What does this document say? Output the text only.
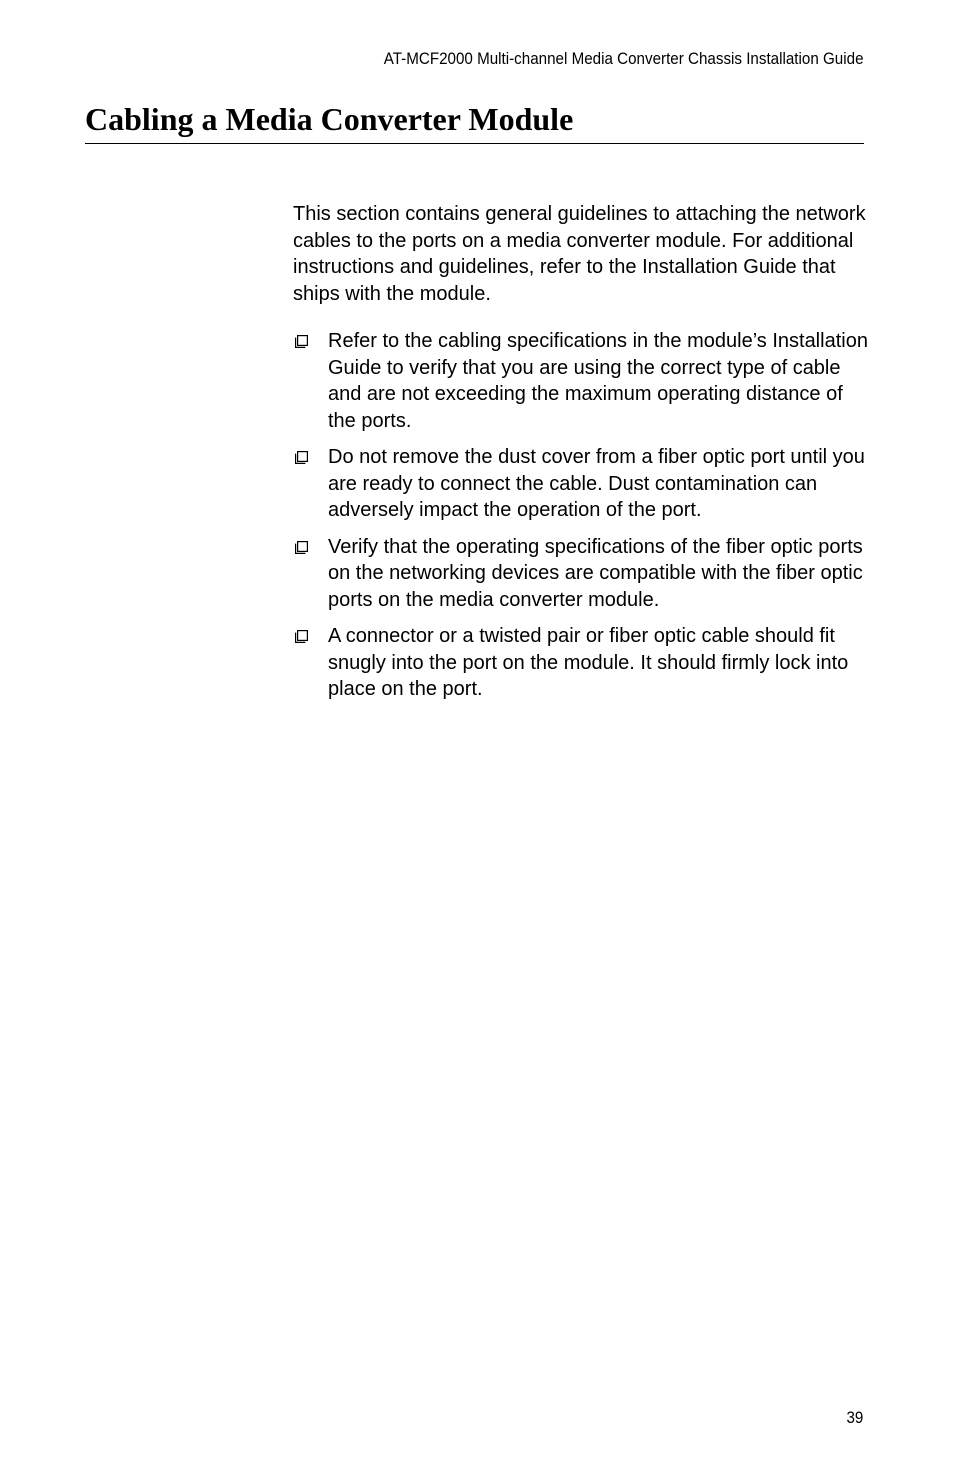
AT-MCF2000 Multi-channel Media Converter Chassis Installation Guide
Cabling a Media Converter Module

This section contains general guidelines to attaching the network cables to the ports on a media converter module. For additional instructions and guidelines, refer to the Installation Guide that ships with the module.

Refer to the cabling specifications in the module’s Installation Guide to verify that you are using the correct type of cable and are not exceeding the maximum operating distance of the ports.
Do not remove the dust cover from a fiber optic port until you are ready to connect the cable. Dust contamination can adversely impact the operation of the port.
Verify that the operating specifications of the fiber optic ports on the networking devices are compatible with the fiber optic ports on the media converter module.
A connector or a twisted pair or fiber optic cable should fit snugly into the port on the module. It should firmly lock into place on the port.
39
